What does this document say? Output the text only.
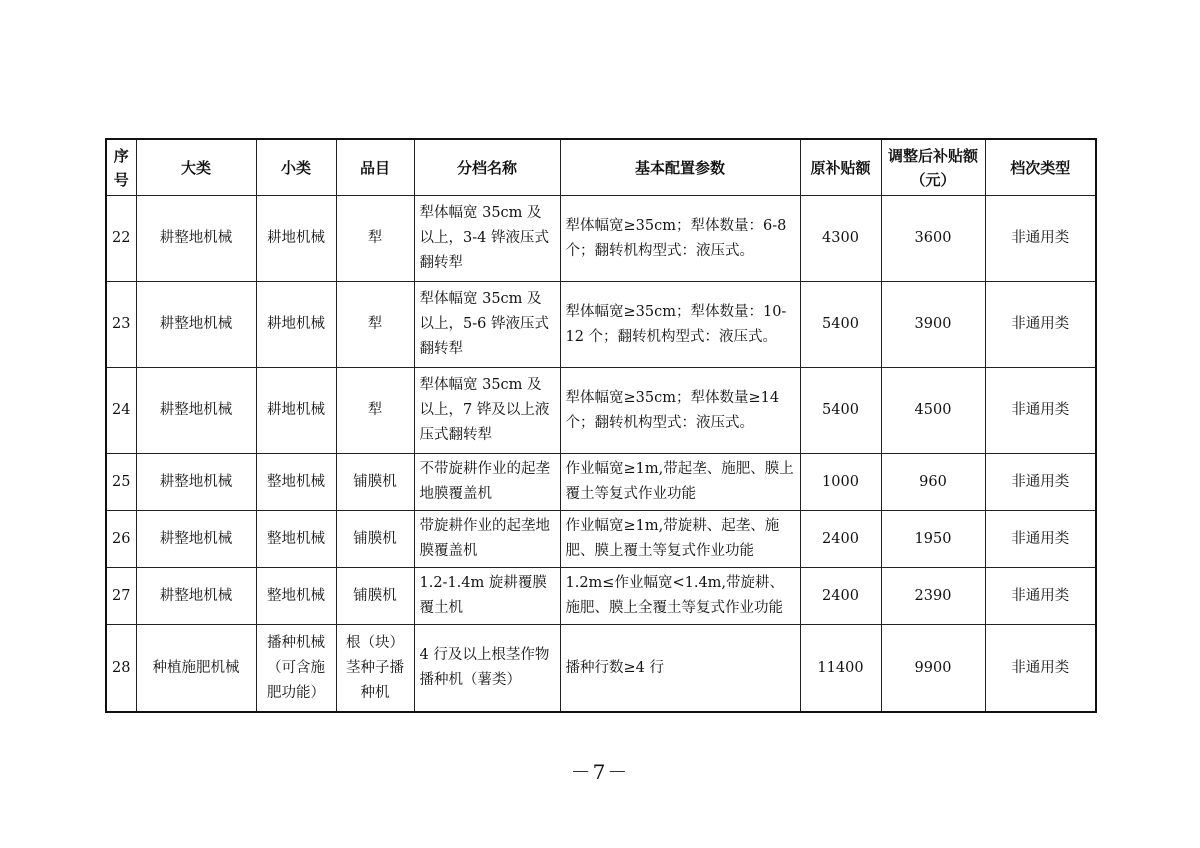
序号	大类	小类	品目	分档名称	基本配置参数	原补贴额	调整后补贴额（元）	档次类型
22	耕整地机械	耕地机械	犁	犁体幅宽 35cm 及以上，3-4 铧液压式翻转犁	犁体幅宽≥35cm；犁体数量：6-8 个；翻转机构型式：液压式。	4300	3600	非通用类
23	耕整地机械	耕地机械	犁	犁体幅宽 35cm 及以上，5-6 铧液压式翻转犁	犁体幅宽≥35cm；犁体数量：10-12 个；翻转机构型式：液压式。	5400	3900	非通用类
24	耕整地机械	耕地机械	犁	犁体幅宽 35cm 及以上，7 铧及以上液压式翻转犁	犁体幅宽≥35cm；犁体数量≥14 个；翻转机构型式：液压式。	5400	4500	非通用类
25	耕整地机械	整地机械	铺膜机	不带旋耕作业的起垄地膜覆盖机	作业幅宽≥1m,带起垄、施肥、膜上覆土等复式作业功能	1000	960	非通用类
26	耕整地机械	整地机械	铺膜机	带旋耕作业的起垄地膜覆盖机	作业幅宽≥1m,带旋耕、起垄、施肥、膜上覆土等复式作业功能	2400	1950	非通用类
27	耕整地机械	整地机械	铺膜机	1.2-1.4m 旋耕覆膜覆土机	1.2m≤作业幅宽<1.4m,带旋耕、施肥、膜上全覆土等复式作业功能	2400	2390	非通用类
28	种植施肥机械	播种机械（可含施肥功能）	根（块）茎种子播种机	4 行及以上根茎作物播种机（薯类）	播种行数≥4 行	11400	9900	非通用类
－7－
